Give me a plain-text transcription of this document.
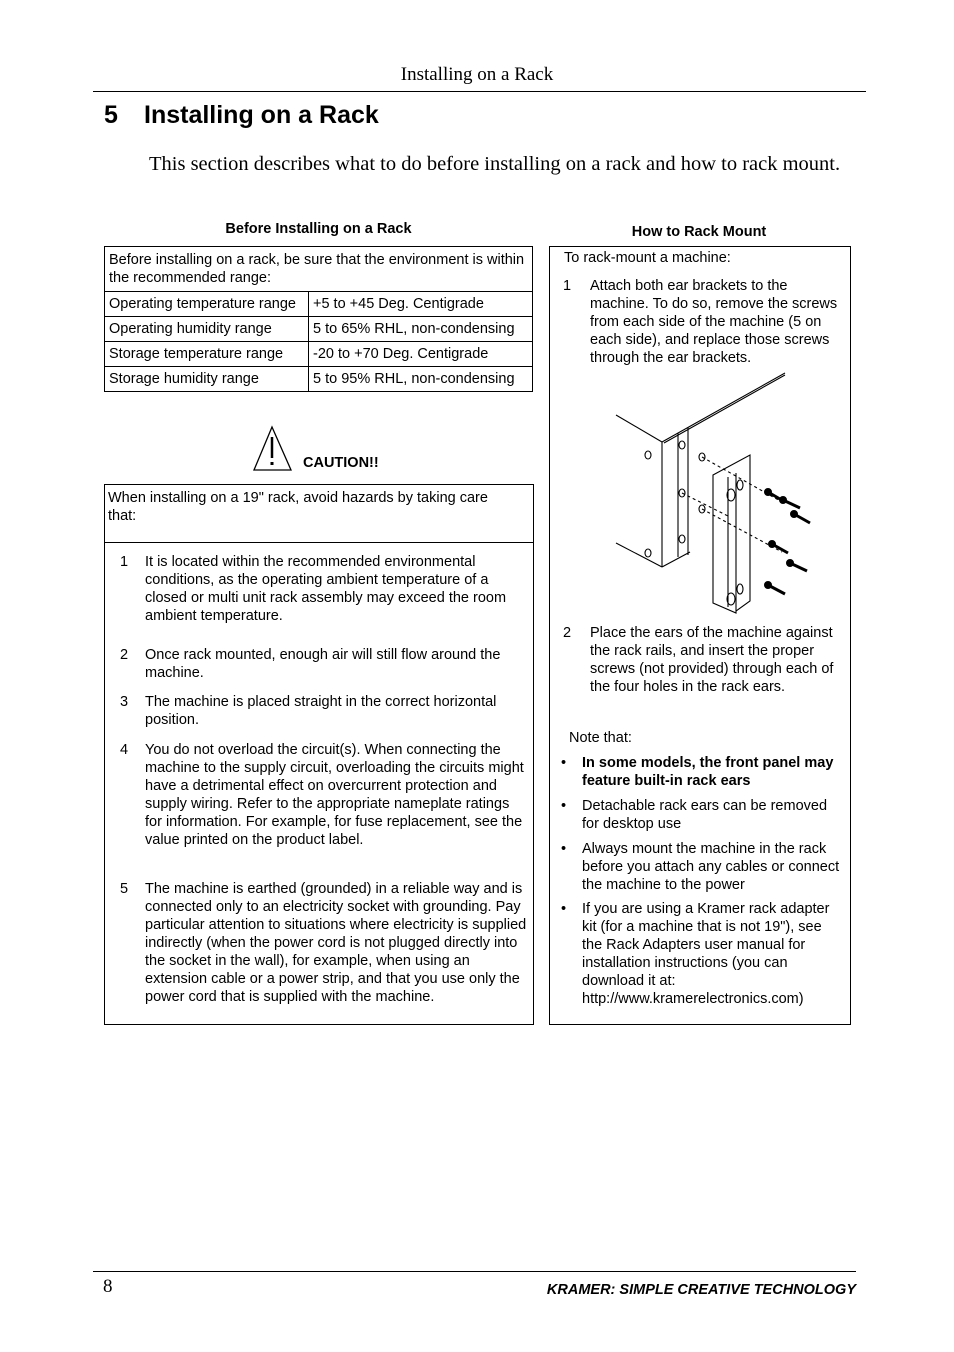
Installing on a Rack
5 Installing on a Rack
This section describes what to do before installing on a rack and how to rack mount.
Before Installing on a Rack
Before installing on a rack, be sure that the environment is within the recommended range:	
Operating temperature range	+5 to +45 Deg. Centigrade
Operating humidity range	5 to 65% RHL, non-condensing
Storage temperature range	-20 to +70 Deg. Centigrade
Storage humidity range	5 to 95% RHL, non-condensing
CAUTION!!
When installing on a 19" rack, avoid hazards by taking care that:
1 It is located within the recommended environmental conditions, as the operating ambient temperature of a closed or multi unit rack assembly may exceed the room ambient temperature.
2 Once rack mounted, enough air will still flow around the machine.
3 The machine is placed straight in the correct horizontal position.
4 You do not overload the circuit(s). When connecting the machine to the supply circuit, overloading the circuits might have a detrimental effect on overcurrent protection and supply wiring. Refer to the appropriate nameplate ratings for information. For example, for fuse replacement, see the value printed on the product label.
5 The machine is earthed (grounded) in a reliable way and is connected only to an electricity socket with grounding. Pay particular attention to situations where electricity is supplied indirectly (when the power cord is not plugged directly into the socket in the wall), for example, when using an extension cable or a power strip, and that you use only the power cord that is supplied with the machine.
How to Rack Mount
To rack-mount a machine:
1 Attach both ear brackets to the machine. To do so, remove the screws from each side of the machine (5 on each side), and replace those screws through the ear brackets.
2 Place the ears of the machine against the rack rails, and insert the proper screws (not provided) through each of the four holes in the rack ears.
Note that:
• In some models, the front panel may feature built-in rack ears
• Detachable rack ears can be removed for desktop use
• Always mount the machine in the rack before you attach any cables or connect the machine to the power
• If you are using a Kramer rack adapter kit (for a machine that is not 19"), see the Rack Adapters user manual for installation instructions (you can download it at: http://www.kramerelectronics.com)
8	KRAMER: SIMPLE CREATIVE TECHNOLOGY
